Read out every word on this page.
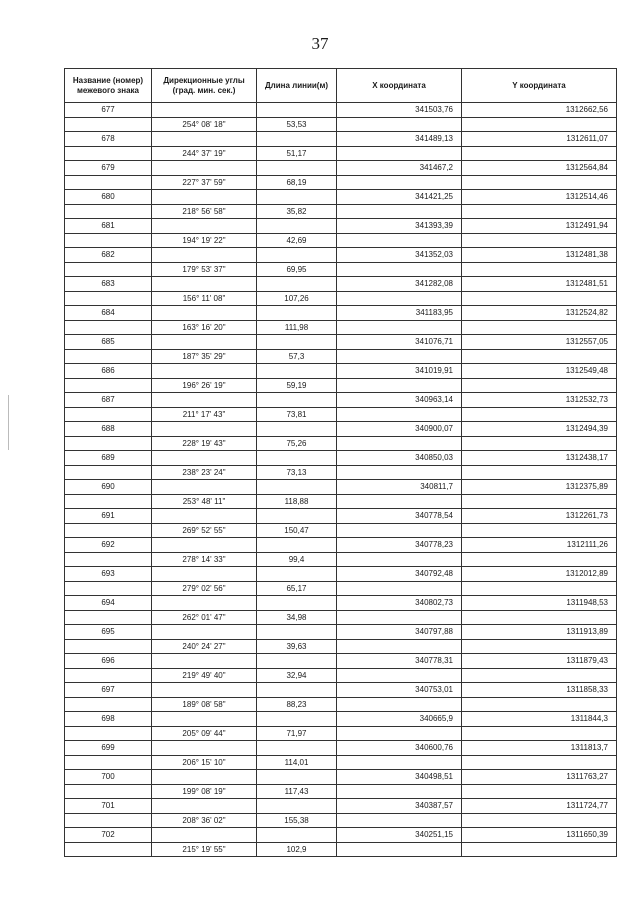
37
Название (номер) межевого знака	Дирекционные углы (град. мин. сек.)	Длина линии(м)	Х координата	Y координата
677			341503,76	1312662,56
	254° 08' 18"	53,53		
678			341489,13	1312611,07
	244° 37' 19"	51,17		
679			341467,2	1312564,84
	227° 37' 59"	68,19		
680			341421,25	1312514,46
	218° 56' 58"	35,82		
681			341393,39	1312491,94
	194° 19' 22"	42,69		
682			341352,03	1312481,38
	179° 53' 37"	69,95		
683			341282,08	1312481,51
	156° 11' 08"	107,26		
684			341183,95	1312524,82
	163° 16' 20"	111,98		
685			341076,71	1312557,05
	187° 35' 29"	57,3		
686			341019,91	1312549,48
	196° 26' 19"	59,19		
687			340963,14	1312532,73
	211° 17' 43"	73,81		
688			340900,07	1312494,39
	228° 19' 43"	75,26		
689			340850,03	1312438,17
	238° 23' 24"	73,13		
690			340811,7	1312375,89
	253° 48' 11"	118,88		
691			340778,54	1312261,73
	269° 52' 55"	150,47		
692			340778,23	1312111,26
	278° 14' 33"	99,4		
693			340792,48	1312012,89
	279° 02' 56"	65,17		
694			340802,73	1311948,53
	262° 01' 47"	34,98		
695			340797,88	1311913,89
	240° 24' 27"	39,63		
696			340778,31	1311879,43
	219° 49' 40"	32,94		
697			340753,01	1311858,33
	189° 08' 58"	88,23		
698			340665,9	1311844,3
	205° 09' 44"	71,97		
699			340600,76	1311813,7
	206° 15' 10"	114,01		
700			340498,51	1311763,27
	199° 08' 19"	117,43		
701			340387,57	1311724,77
	208° 36' 02"	155,38		
702			340251,15	1311650,39
	215° 19' 55"	102,9		
